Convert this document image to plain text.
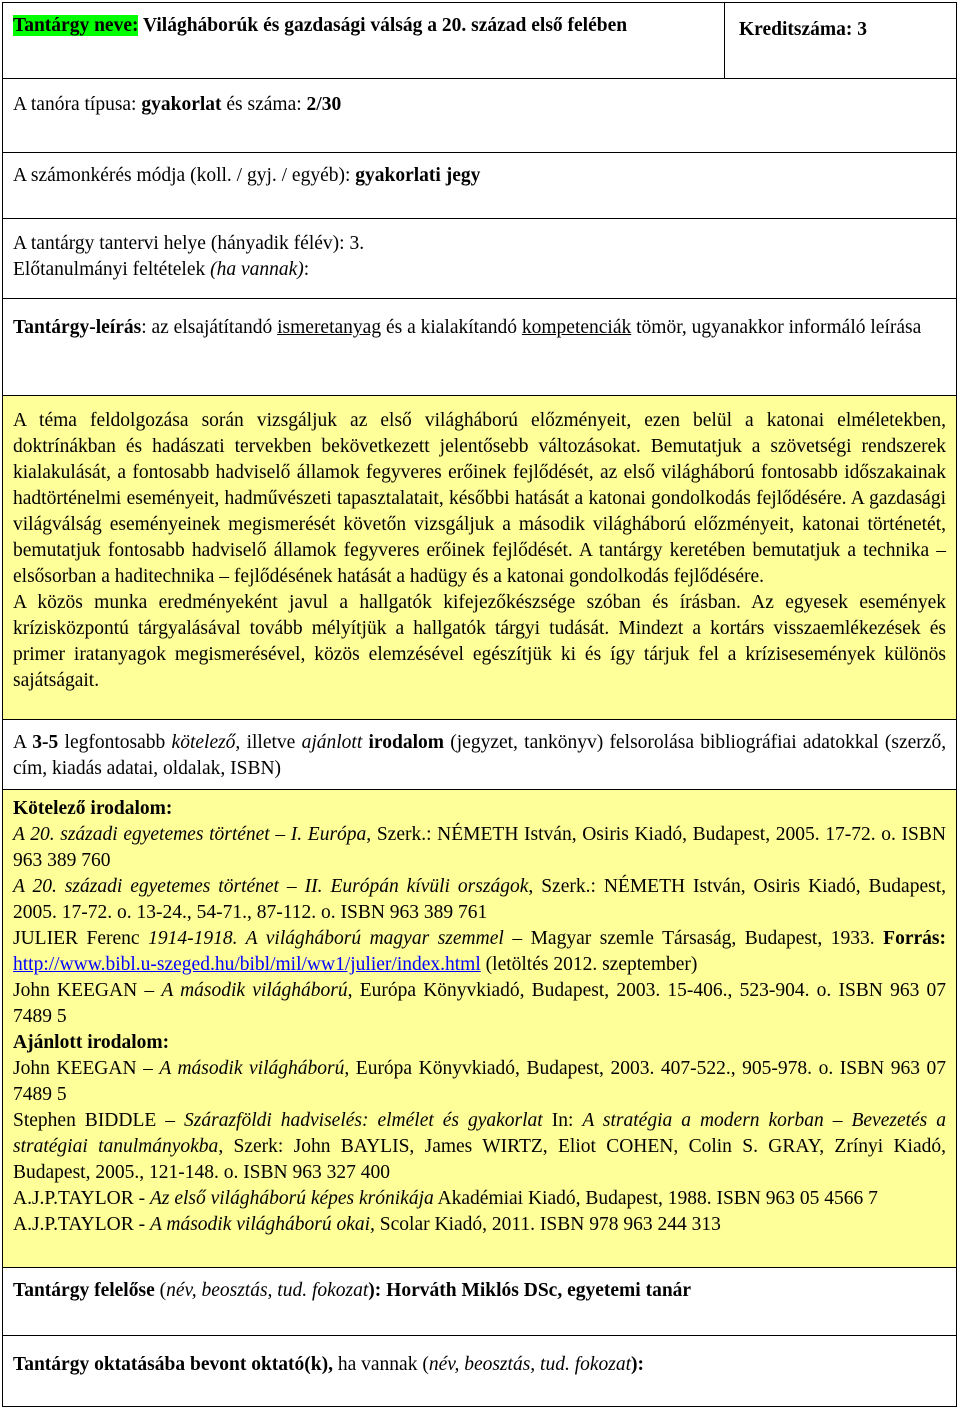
Tantárgy neve: Világháborúk és gazdasági válság a 20. század első felében	Kreditszáma: 3
A tanóra típusa: gyakorlat és száma: 2/30
A számonkérés módja (koll. / gyj. / egyéb): gyakorlati jegy
A tantárgy tantervi helye (hányadik félév): 3.
Előtanulmányi feltételek (ha vannak):

Tantárgy-leírás: az elsajátítandó ismeretanyag és a kialakítandó kompetenciák tömör, ugyanakkor informáló leírása

A téma feldolgozása során vizsgáljuk az első világháború előzményeit, ezen belül a katonai elméletekben, doktrínákban és hadászati tervekben bekövetkezett jelentősebb változásokat. Bemutatjuk a szövetségi rendszerek kialakulását, a fontosabb hadviselő államok fegyveres erőinek fejlődését, az első világháború fontosabb időszakainak hadtörténelmi eseményeit, hadművészeti tapasztalatait, későbbi hatását a katonai gondolkodás fejlődésére. A gazdasági világválság eseményeinek megismerését követőn vizsgáljuk a második világháború előzményeit, katonai történetét, bemutatjuk fontosabb hadviselő államok fegyveres erőinek fejlődését. A tantárgy keretében bemutatjuk a technika – elsősorban a haditechnika – fejlődésének hatását a hadügy és a katonai gondolkodás fejlődésére.

A közös munka eredményeként javul a hallgatók kifejezőkészsége szóban és írásban. Az egyesek események krízisközpontú tárgyalásával tovább mélyítjük a hallgatók tárgyi tudását. Mindezt a kortárs visszaemlékezések és primer iratanyagok megismerésével, közös elemzésével egészítjük ki és így tárjuk fel a krízisesemények különös sajátságait.

A 3-5 legfontosabb kötelező, illetve ajánlott irodalom (jegyzet, tankönyv) felsorolása bibliográfiai adatokkal (szerző, cím, kiadás adatai, oldalak, ISBN)

Kötelező irodalom:

A 20. századi egyetemes történet – I. Európa, Szerk.: NÉMETH István, Osiris Kiadó, Budapest, 2005. 17-72. o. ISBN 963 389 760

A 20. századi egyetemes történet – II. Európán kívüli országok, Szerk.: NÉMETH István, Osiris Kiadó, Budapest, 2005. 17-72. o. 13-24., 54-71., 87-112. o. ISBN 963 389 761

JULIER Ferenc 1914-1918. A világháború magyar szemmel – Magyar szemle Társaság, Budapest, 1933. Forrás: http://www.bibl.u-szeged.hu/bibl/mil/ww1/julier/index.html (letöltés 2012. szeptember)

John KEEGAN – A második világháború, Európa Könyvkiadó, Budapest, 2003. 15-406., 523-904. o. ISBN 963 07 7489 5

Ajánlott irodalom:

John KEEGAN – A második világháború, Európa Könyvkiadó, Budapest, 2003. 407-522., 905-978. o. ISBN 963 07 7489 5

Stephen BIDDLE – Szárazföldi hadviselés: elmélet és gyakorlat In: A stratégia a modern korban – Bevezetés a stratégiai tanulmányokba, Szerk: John BAYLIS, James WIRTZ, Eliot COHEN, Colin S. GRAY, Zrínyi Kiadó, Budapest, 2005., 121-148. o. ISBN 963 327 400

A.J.P.TAYLOR - Az első világháború képes krónikája Akadémiai Kiadó, Budapest, 1988. ISBN 963 05 4566 7

A.J.P.TAYLOR - A második világháború okai, Scolar Kiadó, 2011. ISBN 978 963 244 313

Tantárgy felelőse (név, beosztás, tud. fokozat): Horváth Miklós DSc, egyetemi tanár
Tantárgy oktatásába bevont oktató(k), ha vannak (név, beosztás, tud. fokozat):
